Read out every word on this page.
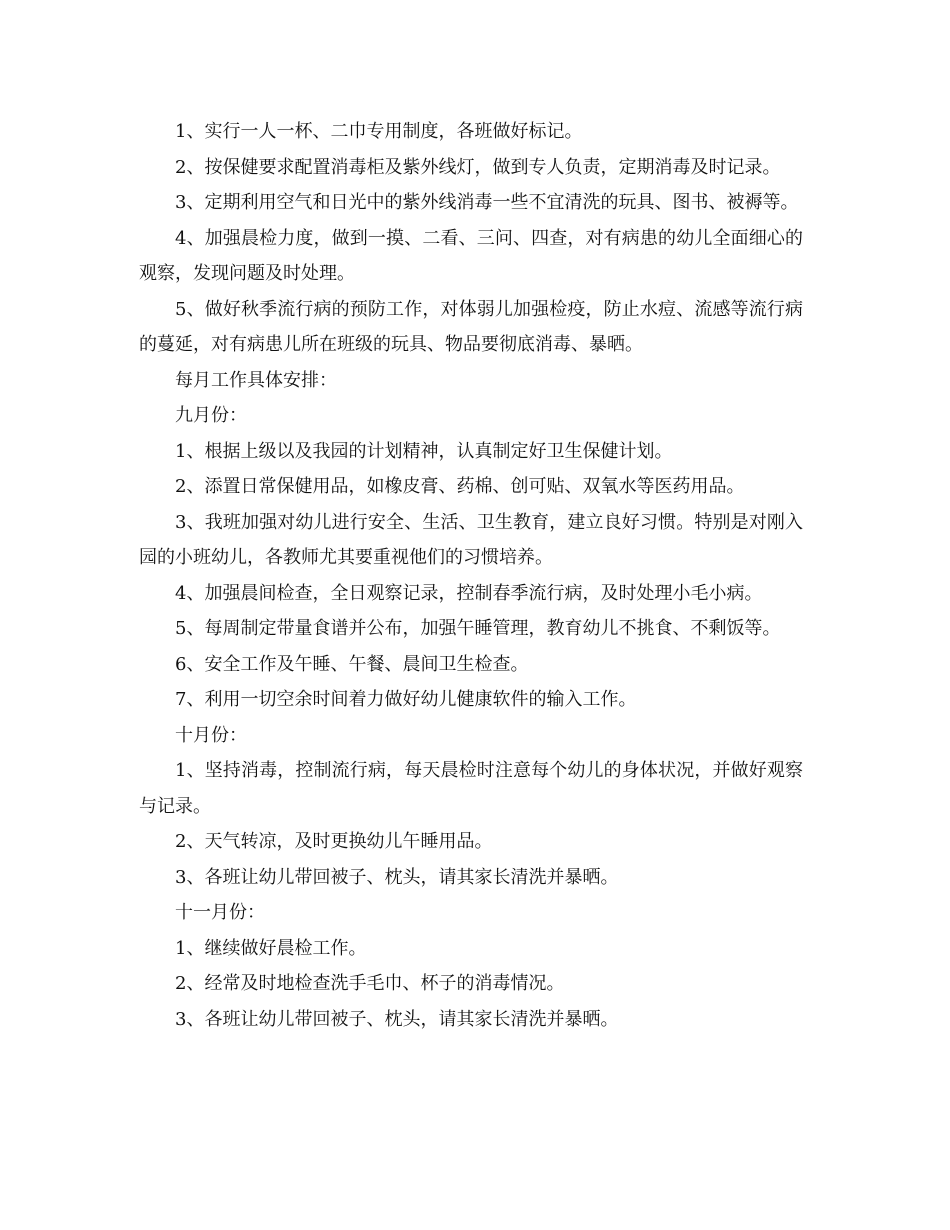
1、实行一人一杯、二巾专用制度，各班做好标记。

2、按保健要求配置消毒柜及紫外线灯，做到专人负责，定期消毒及时记录。

3、定期利用空气和日光中的紫外线消毒一些不宜清洗的玩具、图书、被褥等。

4、加强晨检力度，做到一摸、二看、三问、四查，对有病患的幼儿全面细心的观察，发现问题及时处理。

5、做好秋季流行病的预防工作，对体弱儿加强检疫，防止水痘、流感等流行病的蔓延，对有病患儿所在班级的玩具、物品要彻底消毒、暴晒。

每月工作具体安排：

九月份：

1、根据上级以及我园的计划精神，认真制定好卫生保健计划。

2、添置日常保健用品，如橡皮膏、药棉、创可贴、双氧水等医药用品。

3、我班加强对幼儿进行安全、生活、卫生教育，建立良好习惯。特别是对刚入园的小班幼儿，各教师尤其要重视他们的习惯培养。

4、加强晨间检查，全日观察记录，控制春季流行病，及时处理小毛小病。

5、每周制定带量食谱并公布，加强午睡管理，教育幼儿不挑食、不剩饭等。

6、安全工作及午睡、午餐、晨间卫生检查。

7、利用一切空余时间着力做好幼儿健康软件的输入工作。

十月份：

1、坚持消毒，控制流行病，每天晨检时注意每个幼儿的身体状况，并做好观察与记录。

2、天气转凉，及时更换幼儿午睡用品。

3、各班让幼儿带回被子、枕头，请其家长清洗并暴晒。

十一月份：

1、继续做好晨检工作。

2、经常及时地检查洗手毛巾、杯子的消毒情况。

3、各班让幼儿带回被子、枕头，请其家长清洗并暴晒。
